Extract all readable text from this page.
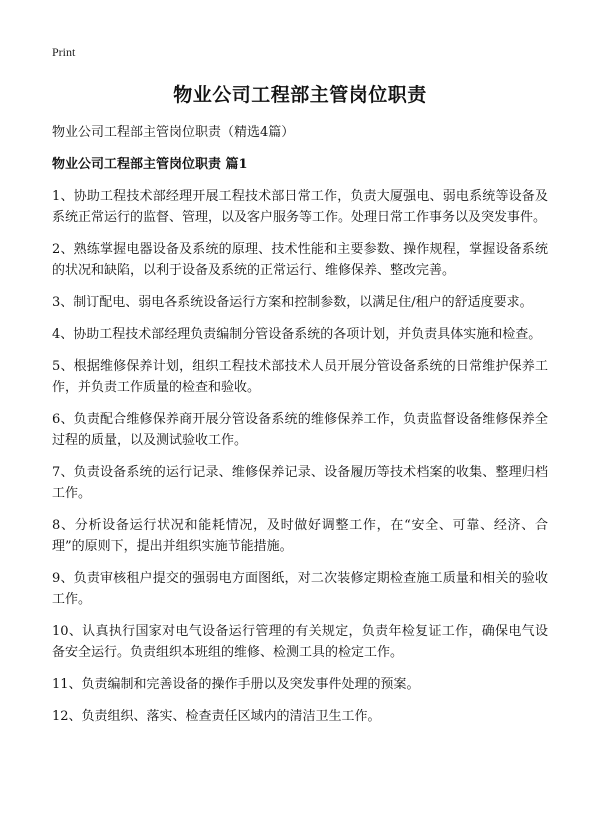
Print
物业公司工程部主管岗位职责
物业公司工程部主管岗位职责（精选4篇）
物业公司工程部主管岗位职责 篇1

1、协助工程技术部经理开展工程技术部日常工作，负责大厦强电、弱电系统等设备及系统正常运行的监督、管理，以及客户服务等工作。处理日常工作事务以及突发事件。

2、熟练掌握电器设备及系统的原理、技术性能和主要参数、操作规程，掌握设备系统的状况和缺陷，以利于设备及系统的正常运行、维修保养、整改完善。

3、制订配电、弱电各系统设备运行方案和控制参数，以满足住/租户的舒适度要求。

4、协助工程技术部经理负责编制分管设备系统的各项计划，并负责具体实施和检查。

5、根据维修保养计划，组织工程技术部技术人员开展分管设备系统的日常维护保养工作，并负责工作质量的检查和验收。

6、负责配合维修保养商开展分管设备系统的维修保养工作，负责监督设备维修保养全过程的质量，以及测试验收工作。

7、负责设备系统的运行记录、维修保养记录、设备履历等技术档案的收集、整理归档工作。

8、分析设备运行状况和能耗情况，及时做好调整工作，在“安全、可靠、经济、合理”的原则下，提出并组织实施节能措施。

9、负责审核租户提交的强弱电方面图纸，对二次装修定期检查施工质量和相关的验收工作。

10、认真执行国家对电气设备运行管理的有关规定，负责年检复证工作，确保电气设备安全运行。负责组织本班组的维修、检测工具的检定工作。

11、负责编制和完善设备的操作手册以及突发事件处理的预案。

12、负责组织、落实、检查责任区域内的清洁卫生工作。
